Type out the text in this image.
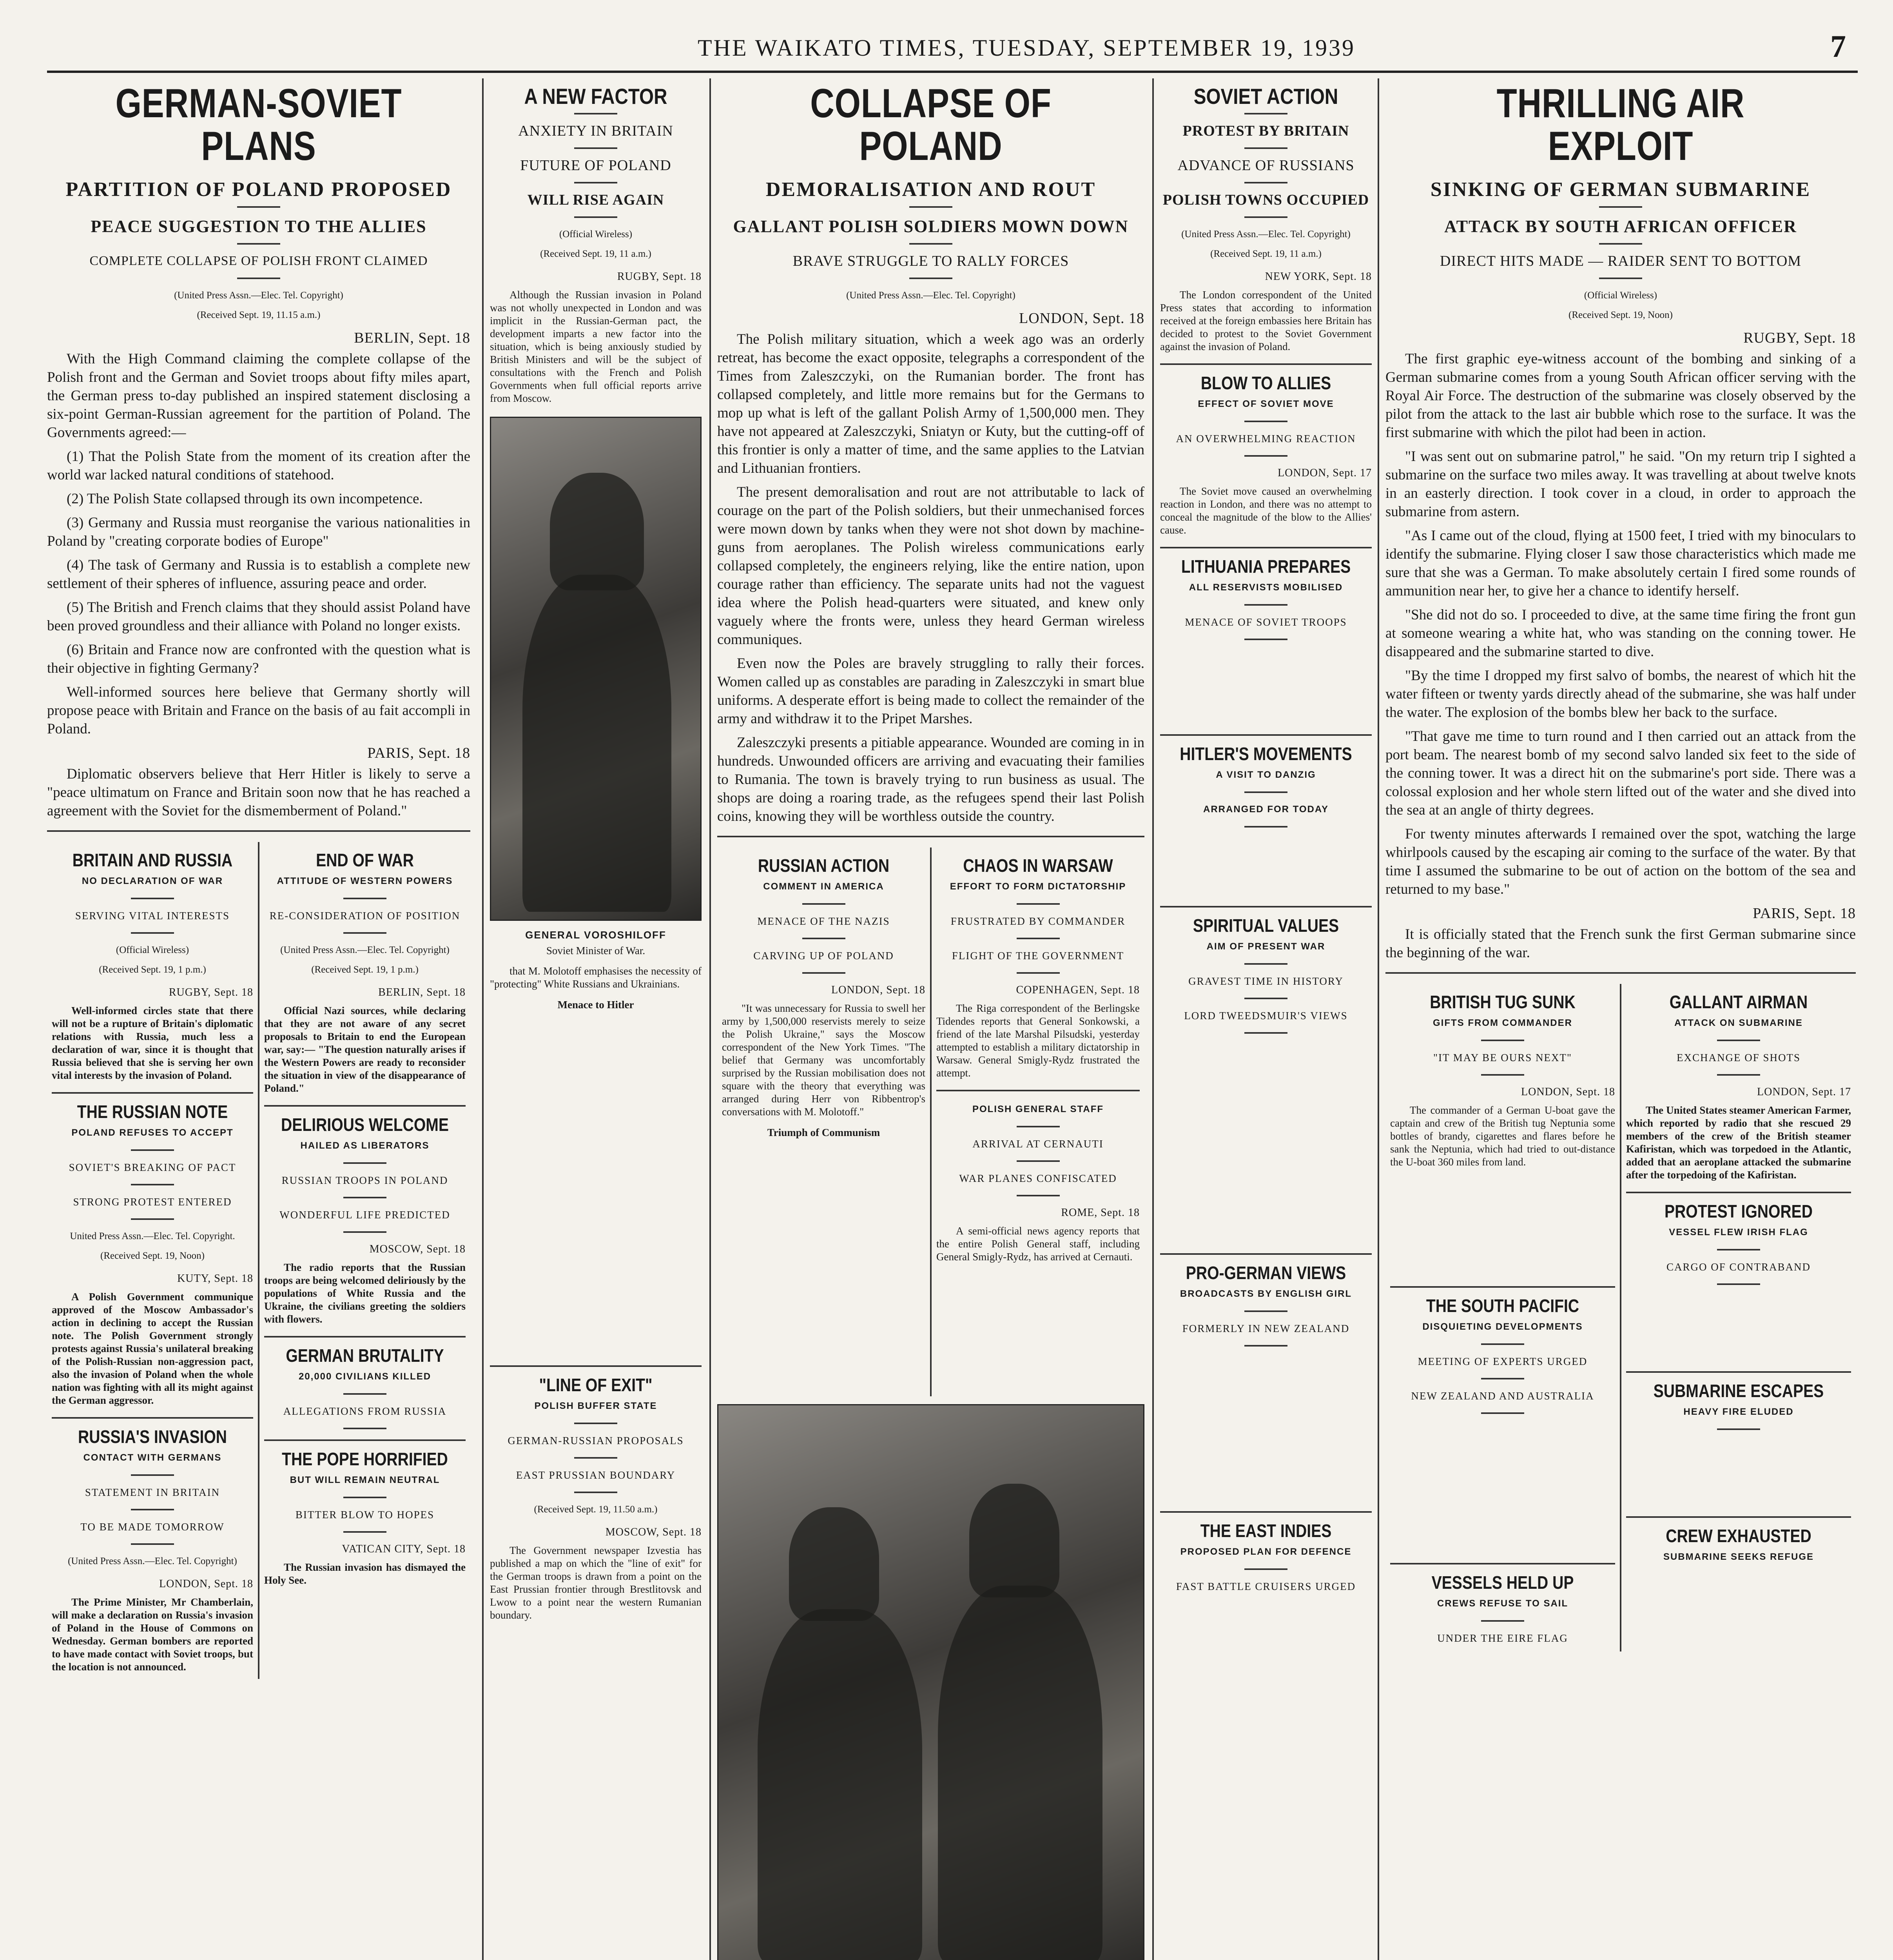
THE WAIKATO TIMES, TUESDAY, SEPTEMBER 19, 1939	7
GERMAN-SOVIET PLANS
PARTITION OF POLAND PROPOSED
PEACE SUGGESTION TO THE ALLIES
COMPLETE COLLAPSE OF POLISH FRONT CLAIMED
(United Press Assn.—Elec. Tel. Copyright)
(Received Sept. 19, 11.15 a.m.)
BERLIN, Sept. 18

With the High Command claiming the complete collapse of the Polish front and the German and Soviet troops about fifty miles apart, the German press to-day published an inspired statement disclosing a six-point German-Russian agreement for the partition of Poland. The Governments agreed:—

(1) That the Polish State from the moment of its creation after the world war lacked natural conditions of statehood.

(2) The Polish State collapsed through its own incompetence.

(3) Germany and Russia must reorganise the various nationalities in Poland by "creating corporate bodies of Europe"

(4) The task of Germany and Russia is to establish a complete new settlement of their spheres of influence, assuring peace and order.

(5) The British and French claims that they should assist Poland have been proved groundless and their alliance with Poland no longer exists.

(6) Britain and France now are confronted with the question what is their objective in fighting Germany?

Well-informed sources here believe that Germany shortly will propose peace with Britain and France on the basis of au fait accompli in Poland.

PARIS, Sept. 18

Diplomatic observers believe that Herr Hitler is likely to serve a "peace ultimatum on France and Britain soon now that he has reached a agreement with the Soviet for the dismemberment of Poland."

BRITAIN AND RUSSIA
NO DECLARATION OF WAR
SERVING VITAL INTERESTS
(Official Wireless)
(Received Sept. 19, 1 p.m.)
RUGBY, Sept. 18

Well-informed circles state that there will not be a rupture of Britain's diplomatic relations with Russia, much less a declaration of war, since it is thought that Russia believed that she is serving her own vital interests by the invasion of Poland.

THE RUSSIAN NOTE
POLAND REFUSES TO ACCEPT
SOVIET'S BREAKING OF PACT
STRONG PROTEST ENTERED
United Press Assn.—Elec. Tel. Copyright.
(Received Sept. 19, Noon)
KUTY, Sept. 18

A Polish Government communique approved of the Moscow Ambassador's action in declining to accept the Russian note. The Polish Government strongly protests against Russia's unilateral breaking of the Polish-Russian non-aggression pact, also the invasion of Poland when the whole nation was fighting with all its might against the German aggressor.

RUSSIA'S INVASION
CONTACT WITH GERMANS
STATEMENT IN BRITAIN
TO BE MADE TOMORROW
(United Press Assn.—Elec. Tel. Copyright)
LONDON, Sept. 18

The Prime Minister, Mr Chamberlain, will make a declaration on Russia's invasion of Poland in the House of Commons on Wednesday. German bombers are reported to have made contact with Soviet troops, but the location is not announced.

END OF WAR
ATTITUDE OF WESTERN POWERS
RE-CONSIDERATION OF POSITION
(United Press Assn.—Elec. Tel. Copyright)
(Received Sept. 19, 1 p.m.)
BERLIN, Sept. 18

Official Nazi sources, while declaring that they are not aware of any secret proposals to Britain to end the European war, say:— "The question naturally arises if the Western Powers are ready to reconsider the situation in view of the disappearance of Poland."

DELIRIOUS WELCOME
HAILED AS LIBERATORS
RUSSIAN TROOPS IN POLAND
WONDERFUL LIFE PREDICTED
MOSCOW, Sept. 18

The radio reports that the Russian troops are being welcomed deliriously by the populations of White Russia and the Ukraine, the civilians greeting the soldiers with flowers.

GERMAN BRUTALITY
20,000 CIVILIANS KILLED
ALLEGATIONS FROM RUSSIA
THE POPE HORRIFIED
BUT WILL REMAIN NEUTRAL
BITTER BLOW TO HOPES
VATICAN CITY, Sept. 18

The Russian invasion has dismayed the Holy See.

A NEW FACTOR
ANXIETY IN BRITAIN
FUTURE OF POLAND
WILL RISE AGAIN
(Official Wireless)
(Received Sept. 19, 11 a.m.)
RUGBY, Sept. 18

Although the Russian invasion in Poland was not wholly unexpected in London and was implicit in the Russian-German pact, the development imparts a new factor into the situation, which is being anxiously studied by British Ministers and will be the subject of consultations with the French and Polish Governments when full official reports arrive from Moscow.

GENERAL VOROSHILOFF
Soviet Minister of War.

that M. Molotoff emphasises the necessity of "protecting" White Russians and Ukrainians.

Menace to Hitler
"LINE OF EXIT"
POLISH BUFFER STATE
GERMAN-RUSSIAN PROPOSALS
EAST PRUSSIAN BOUNDARY
(Received Sept. 19, 11.50 a.m.)
MOSCOW, Sept. 18

The Government newspaper Izvestia has published a map on which the "line of exit" for the German troops is drawn from a point on the East Prussian frontier through Brestlitovsk and Lwow to a point near the western Rumanian boundary.

COLLAPSE OF POLAND
DEMORALISATION AND ROUT
GALLANT POLISH SOLDIERS MOWN DOWN
BRAVE STRUGGLE TO RALLY FORCES
(United Press Assn.—Elec. Tel. Copyright)
LONDON, Sept. 18

The Polish military situation, which a week ago was an orderly retreat, has become the exact opposite, telegraphs a correspondent of the Times from Zaleszczyki, on the Rumanian border. The front has collapsed completely, and little more remains but for the Germans to mop up what is left of the gallant Polish Army of 1,500,000 men. They have not appeared at Zaleszczyki, Sniatyn or Kuty, but the cutting-off of this frontier is only a matter of time, and the same applies to the Latvian and Lithuanian frontiers.

The present demoralisation and rout are not attributable to lack of courage on the part of the Polish soldiers, but their unmechanised forces were mown down by tanks when they were not shot down by machine-guns from aeroplanes. The Polish wireless communications early collapsed completely, the engineers relying, like the entire nation, upon courage rather than efficiency. The separate units had not the vaguest idea where the Polish head-quarters were situated, and knew only vaguely where the fronts were, unless they heard German wireless communiques.

Even now the Poles are bravely struggling to rally their forces. Women called up as constables are parading in Zaleszczyki in smart blue uniforms. A desperate effort is being made to collect the remainder of the army and withdraw it to the Pripet Marshes.

Zaleszczyki presents a pitiable appearance. Wounded are coming in in hundreds. Unwounded officers are arriving and evacuating their families to Rumania. The town is bravely trying to run business as usual. The shops are doing a roaring trade, as the refugees spend their last Polish coins, knowing they will be worthless outside the country.

RUSSIAN ACTION
COMMENT IN AMERICA
MENACE OF THE NAZIS
CARVING UP OF POLAND
LONDON, Sept. 18

"It was unnecessary for Russia to swell her army by 1,500,000 reservists merely to seize the Polish Ukraine," says the Moscow correspondent of the New York Times. "The belief that Germany was uncomfortably surprised by the Russian mobilisation does not square with the theory that everything was arranged during Herr von Ribbentrop's conversations with M. Molotoff."

Triumph of Communism
CHAOS IN WARSAW
EFFORT TO FORM DICTATORSHIP
FRUSTRATED BY COMMANDER
FLIGHT OF THE GOVERNMENT
COPENHAGEN, Sept. 18

The Riga correspondent of the Berlingske Tidendes reports that General Sonkowski, a friend of the late Marshal Pilsudski, yesterday attempted to establish a military dictatorship in Warsaw. General Smigly-Rydz frustrated the attempt.

POLISH GENERAL STAFF
ARRIVAL AT CERNAUTI
WAR PLANES CONFISCATED
ROME, Sept. 18

A semi-official news agency reports that the entire Polish General staff, including General Smigly-Rydz, has arrived at Cernauti.

SOVIET ACTION
PROTEST BY BRITAIN
ADVANCE OF RUSSIANS
POLISH TOWNS OCCUPIED
(United Press Assn.—Elec. Tel. Copyright)
(Received Sept. 19, 11 a.m.)
NEW YORK, Sept. 18

The London correspondent of the United Press states that according to information received at the foreign embassies here Britain has decided to protest to the Soviet Government against the invasion of Poland.

BLOW TO ALLIES
EFFECT OF SOVIET MOVE
AN OVERWHELMING REACTION
LONDON, Sept. 17

The Soviet move caused an overwhelming reaction in London, and there was no attempt to conceal the magnitude of the blow to the Allies' cause.

LITHUANIA PREPARES
ALL RESERVISTS MOBILISED
MENACE OF SOVIET TROOPS
HITLER'S MOVEMENTS
A VISIT TO DANZIG
ARRANGED FOR TODAY
SPIRITUAL VALUES
AIM OF PRESENT WAR
GRAVEST TIME IN HISTORY
LORD TWEEDSMUIR'S VIEWS
PRO-GERMAN VIEWS
BROADCASTS BY ENGLISH GIRL
FORMERLY IN NEW ZEALAND
THE EAST INDIES
PROPOSED PLAN FOR DEFENCE
FAST BATTLE CRUISERS URGED
THRILLING AIR EXPLOIT
SINKING OF GERMAN SUBMARINE
ATTACK BY SOUTH AFRICAN OFFICER
DIRECT HITS MADE — RAIDER SENT TO BOTTOM
(Official Wireless)
(Received Sept. 19, Noon)
RUGBY, Sept. 18

The first graphic eye-witness account of the bombing and sinking of a German submarine comes from a young South African officer serving with the Royal Air Force. The destruction of the submarine was closely observed by the pilot from the attack to the last air bubble which rose to the surface. It was the first submarine with which the pilot had been in action.

"I was sent out on submarine patrol," he said. "On my return trip I sighted a submarine on the surface two miles away. It was travelling at about twelve knots in an easterly direction. I took cover in a cloud, in order to approach the submarine from astern.

"As I came out of the cloud, flying at 1500 feet, I tried with my binoculars to identify the submarine. Flying closer I saw those characteristics which made me sure that she was a German. To make absolutely certain I fired some rounds of ammunition near her, to give her a chance to identify herself.

"She did not do so. I proceeded to dive, at the same time firing the front gun at someone wearing a white hat, who was standing on the conning tower. He disappeared and the submarine started to dive.

"By the time I dropped my first salvo of bombs, the nearest of which hit the water fifteen or twenty yards directly ahead of the submarine, she was half under the water. The explosion of the bombs blew her back to the surface.

"That gave me time to turn round and I then carried out an attack from the port beam. The nearest bomb of my second salvo landed six feet to the side of the conning tower. It was a direct hit on the submarine's port side. There was a colossal explosion and her whole stern lifted out of the water and she dived into the sea at an angle of thirty degrees.

For twenty minutes afterwards I remained over the spot, watching the large whirlpools caused by the escaping air coming to the surface of the water. By that time I assumed the submarine to be out of action on the bottom of the sea and returned to my base."

PARIS, Sept. 18

It is officially stated that the French sunk the first German submarine since the beginning of the war.

BRITISH TUG SUNK
GIFTS FROM COMMANDER
"IT MAY BE OURS NEXT"
LONDON, Sept. 18

The commander of a German U-boat gave the captain and crew of the British tug Neptunia some bottles of brandy, cigarettes and flares before he sank the Neptunia, which had tried to out-distance the U-boat 360 miles from land.

THE SOUTH PACIFIC
DISQUIETING DEVELOPMENTS
MEETING OF EXPERTS URGED
NEW ZEALAND AND AUSTRALIA
VESSELS HELD UP
CREWS REFUSE TO SAIL
UNDER THE EIRE FLAG
GALLANT AIRMAN
ATTACK ON SUBMARINE
EXCHANGE OF SHOTS
LONDON, Sept. 17

The United States steamer American Farmer, which reported by radio that she rescued 29 members of the crew of the British steamer Kafiristan, which was torpedoed in the Atlantic, added that an aeroplane attacked the submarine after the torpedoing of the Kafiristan.

PROTEST IGNORED
VESSEL FLEW IRISH FLAG
CARGO OF CONTRABAND
SUBMARINE ESCAPES
HEAVY FIRE ELUDED
CREW EXHAUSTED
SUBMARINE SEEKS REFUGE
